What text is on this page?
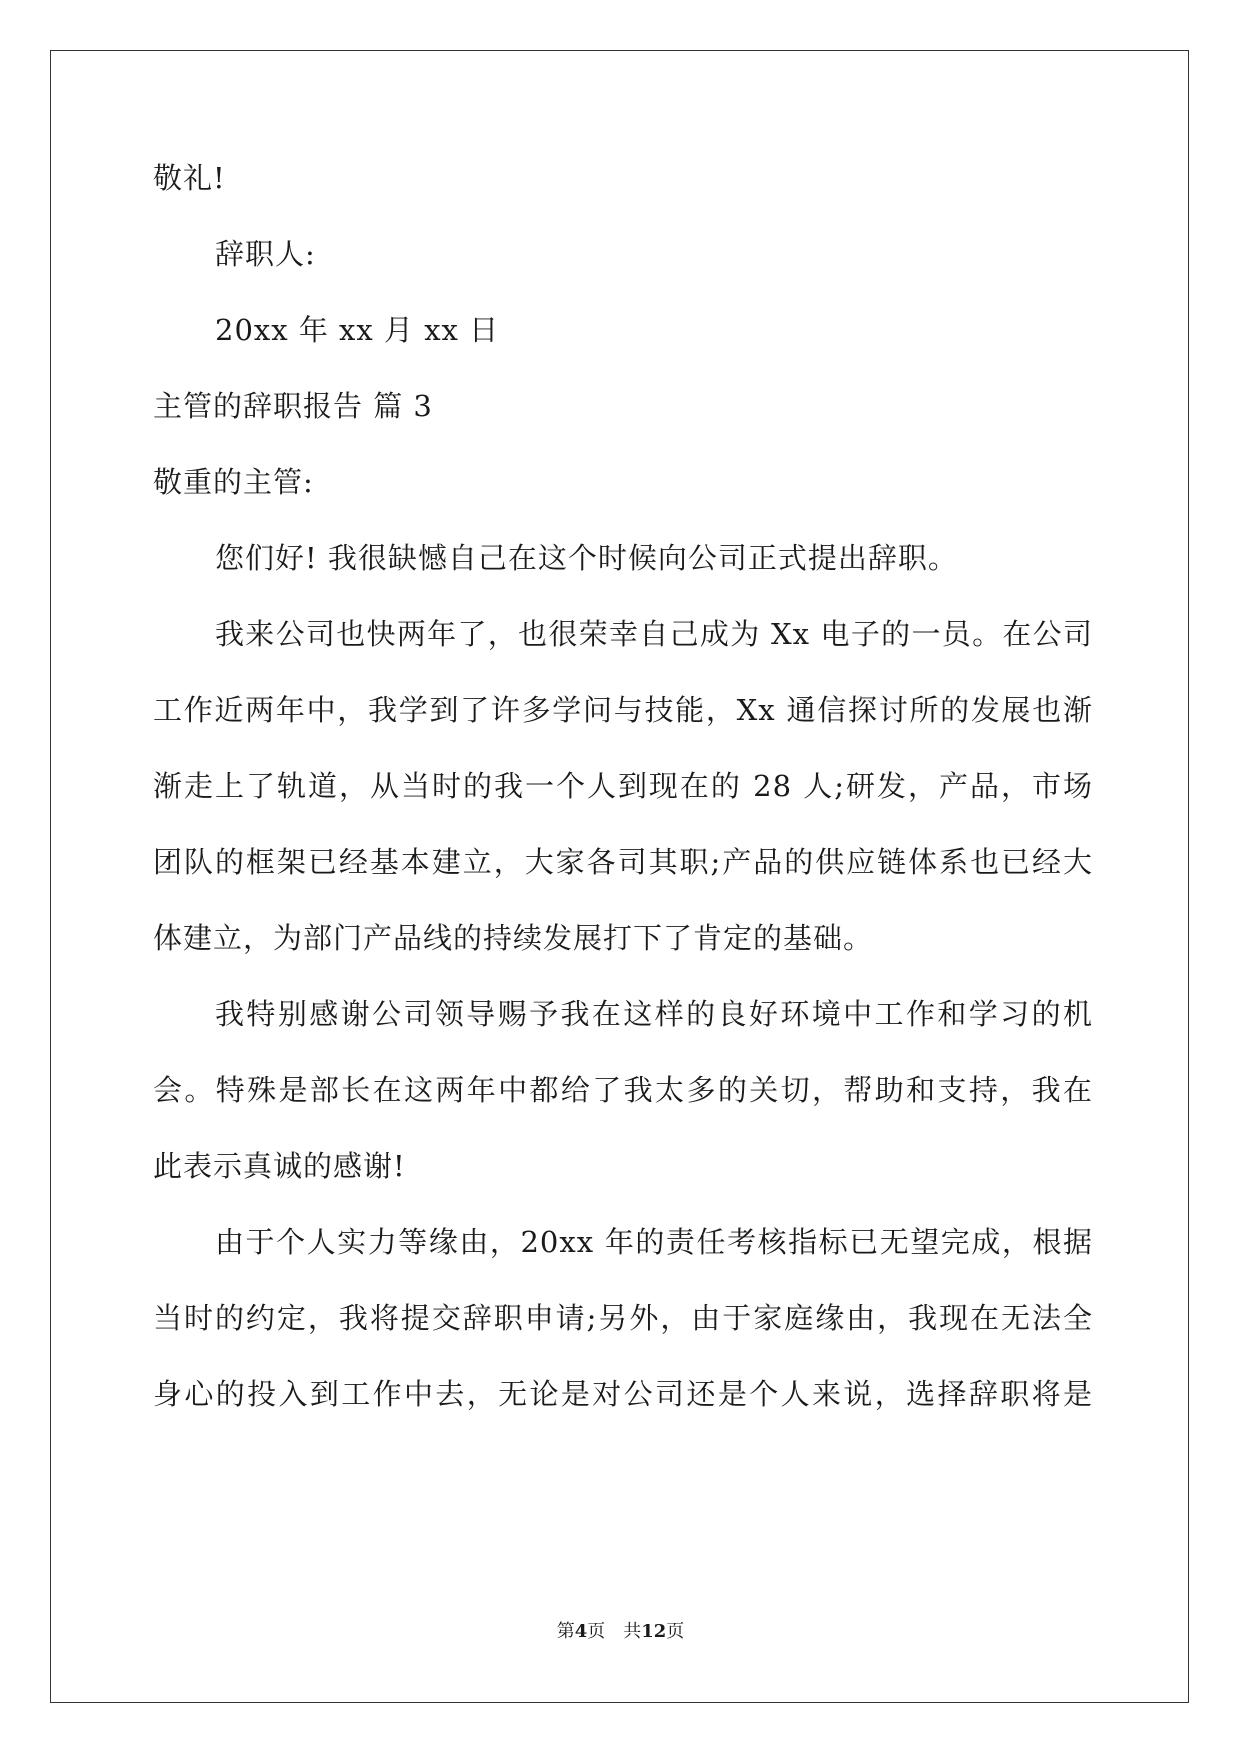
敬礼!
辞职人:
20xx 年 xx 月 xx 日
主管的辞职报告 篇 3
敬重的主管:
您们好! 我很缺憾自己在这个时候向公司正式提出辞职。
我来公司也快两年了，也很荣幸自己成为 Xx 电子的一员。在公司
工作近两年中，我学到了许多学问与技能，Xx 通信探讨所的发展也渐
渐走上了轨道，从当时的我一个人到现在的 28 人;研发，产品，市场
团队的框架已经基本建立，大家各司其职;产品的供应链体系也已经大
体建立，为部门产品线的持续发展打下了肯定的基础。
我特别感谢公司领导赐予我在这样的良好环境中工作和学习的机
会。特殊是部长在这两年中都给了我太多的关切，帮助和支持，我在
此表示真诚的感谢!
由于个人实力等缘由，20xx 年的责任考核指标已无望完成，根据
当时的约定，我将提交辞职申请;另外，由于家庭缘由，我现在无法全
身心的投入到工作中去，无论是对公司还是个人来说，选择辞职将是
第4页　共12页
